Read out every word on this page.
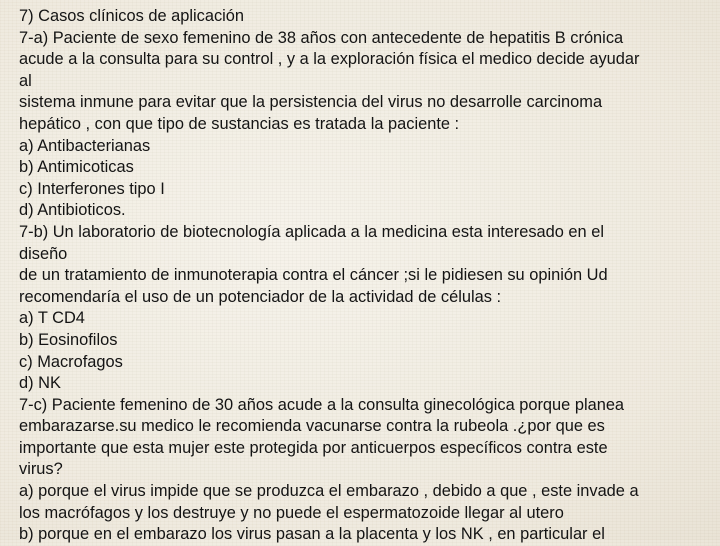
7) Casos clínicos de aplicación
7-a) Paciente de sexo femenino de 38 años con antecedente de hepatitis B crónica
acude a la consulta para su control , y a la exploración física el medico decide ayudar
al
sistema inmune para evitar que la persistencia del virus no desarrolle carcinoma
hepático , con que tipo de sustancias es tratada la paciente :
a) Antibacterianas
b) Antimicoticas
c) Interferones tipo I
d) Antibioticos.
7-b) Un laboratorio de biotecnología aplicada a la medicina esta interesado en el
diseño
de un tratamiento de inmunoterapia contra el cáncer ;si le pidiesen su opinión Ud
recomendaría el uso de un potenciador de la actividad de células :
a) T CD4
b) Eosinofilos
c) Macrofagos
d) NK
7-c) Paciente femenino de 30 años acude a la consulta ginecológica porque planea
embarazarse.su medico le recomienda vacunarse contra la rubeola .¿por que es
importante que esta mujer este protegida por anticuerpos específicos contra este
virus?
a) porque el virus impide que se produzca el embarazo , debido a que , este invade a
los macrófagos y los destruye y no puede el espermatozoide llegar al utero
b) porque en el embarazo los virus pasan a la placenta y los NK , en particular el
